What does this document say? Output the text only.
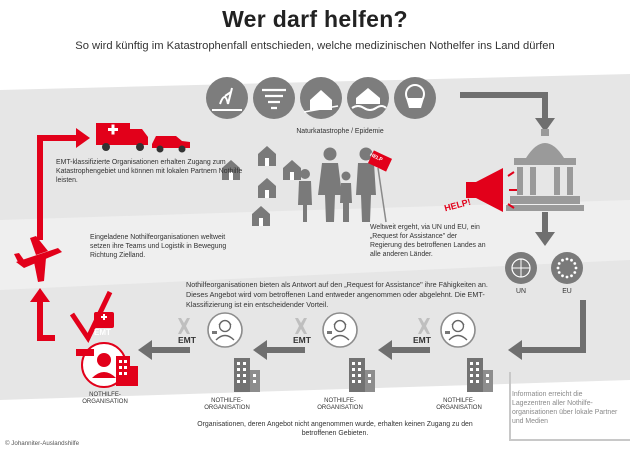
Wer darf helfen?
So wird künftig im Katastrophenfall entschieden, welche medizinischen Nothelfer ins Land dürfen
Naturkatastrophe / Epidemie
HELP
HELP!
EMT-klassifizierte Organisationen erhalten Zugang zum Katastrophengebiet und können mit lokalen Partnern Nothilfe leisten.
Eingeladene Nothilfeorganisationen weltweit setzen ihre Teams und Logistik in Bewegung Richtung Zielland.
Weltweit ergeht, via UN und EU, ein „Request for Assistance" der Regierung des betroffenen Landes an alle anderen Länder.
Nothilfeorganisationen bieten als Antwort auf den „Request for Assistance" ihre Fähigkeiten an. Dieses Angebot wird vom betroffenen Land entweder angenommen oder abgelehnt. Die EMT-Klassifizierung ist ein entscheidender Vorteil.
Organisationen, deren Angebot nicht angenommen wurde, erhalten keinen Zugang zu den betroffenen Gebieten.
Information erreicht die Lagezentren aller Nothilfe-organisationen über lokale Partner und Medien
UN	EU
EMT
EMT	EMT	EMT
NOTHILFE-
ORGANISATION	NOTHILFE-
ORGANISATION
NOTHILFE-
ORGANISATION
NOTHILFE-
ORGANISATION
© Johanniter-Auslandshilfe
